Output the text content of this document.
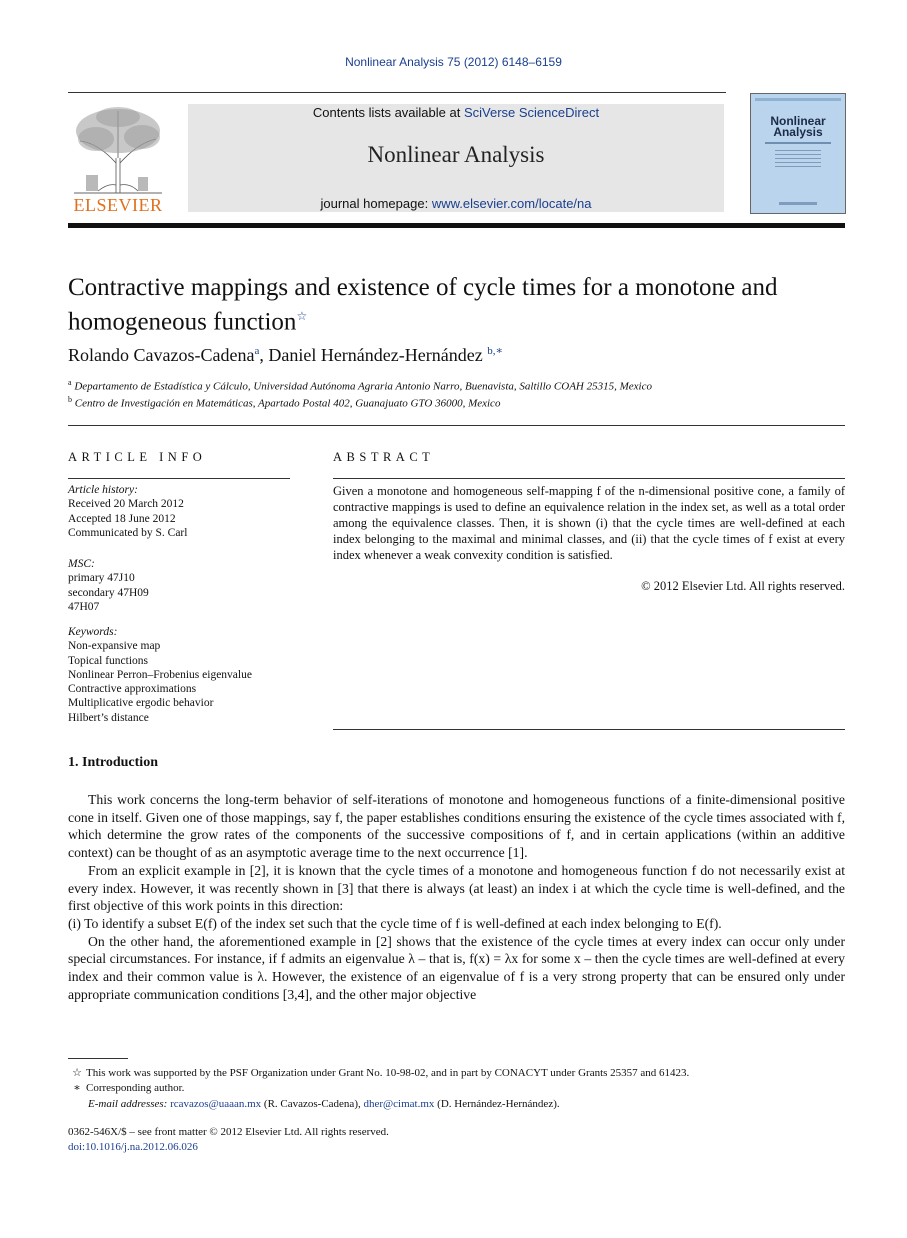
Nonlinear Analysis 75 (2012) 6148–6159
ELSEVIER
Contents lists available at SciVerse ScienceDirect
Nonlinear Analysis
journal homepage: www.elsevier.com/locate/na
Nonlinear
Analysis
Contractive mappings and existence of cycle times for a monotone and homogeneous function☆
Rolando Cavazos-Cadena$^a$, Daniel Hernández-Hernández $^{b,∗}$
$^a$ Departamento de Estadística y Cálculo, Universidad Autónoma Agraria Antonio Narro, Buenavista, Saltillo COAH 25315, Mexico
$^b$ Centro de Investigación en Matemáticas, Apartado Postal 402, Guanajuato GTO 36000, Mexico
ARTICLE INFO
Article history:
Received 20 March 2012
Accepted 18 June 2012
Communicated by S. Carl
MSC:
primary 47J10
secondary 47H09
47H07
Keywords:
Non-expansive map
Topical functions
Nonlinear Perron–Frobenius eigenvalue
Contractive approximations
Multiplicative ergodic behavior
Hilbert’s distance
ABSTRACT
Given a monotone and homogeneous self-mapping f of the n-dimensional positive cone, a family of contractive mappings is used to define an equivalence relation in the index set, as well as a total order among the equivalence classes. Then, it is shown (i) that the cycle times are well-defined at each index belonging to the maximal and minimal classes, and (ii) that the cycle times of f exist at every index whenever a weak convexity condition is satisfied.
© 2012 Elsevier Ltd. All rights reserved.
1. Introduction

This work concerns the long-term behavior of self-iterations of monotone and homogeneous functions of a finite-dimensional positive cone in itself. Given one of those mappings, say f, the paper establishes conditions ensuring the existence of the cycle times associated with f, which determine the grow rates of the components of the successive compositions of f, and in certain applications (within an additive context) can be thought of as an asymptotic average time to the next occurrence [1].

From an explicit example in [2], it is known that the cycle times of a monotone and homogeneous function f do not necessarily exist at every index. However, it was recently shown in [3] that there is always (at least) an index i at which the cycle time is well-defined, and the first objective of this work points in this direction:

(i) To identify a subset E(f) of the index set such that the cycle time of f is well-defined at each index belonging to E(f).

On the other hand, the aforementioned example in [2] shows that the existence of the cycle times at every index can occur only under special circumstances. For instance, if f admits an eigenvalue λ – that is, f(x) = λx for some x – then the cycle times are well-defined at every index and their common value is λ. However, the existence of an eigenvalue of f is a very strong property that can be ensured only under appropriate communication conditions [3,4], and the other major objective

☆ This work was supported by the PSF Organization under Grant No. 10-98-02, and in part by CONACYT under Grants 25357 and 61423.
∗ Corresponding author.
E-mail addresses: rcavazos@uaaan.mx (R. Cavazos-Cadena), dher@cimat.mx (D. Hernández-Hernández).
0362-546X/$ – see front matter © 2012 Elsevier Ltd. All rights reserved.
doi:10.1016/j.na.2012.06.026
